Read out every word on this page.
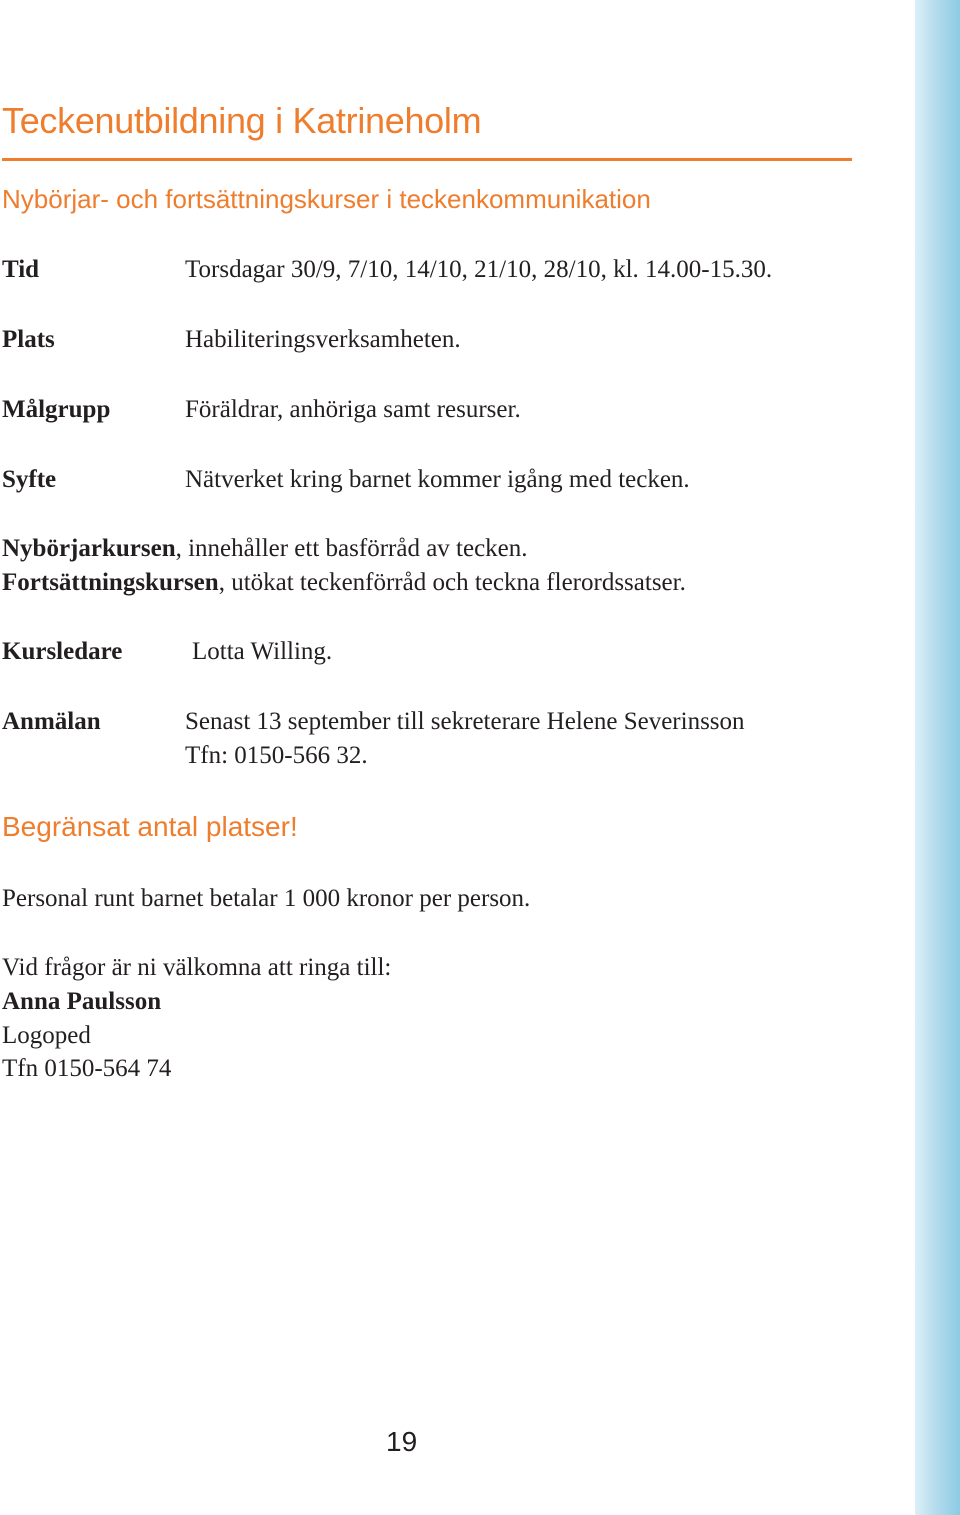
Teckenutbildning i Katrineholm
Nybörjar- och fortsättningskurser i teckenkommunikation
Tid	Torsdagar 30/9, 7/10, 14/10, 21/10, 28/10, kl. 14.00-15.30.
Plats	Habiliteringsverksamheten.
Målgrupp	Föräldrar, anhöriga samt resurser.
Syfte	Nätverket kring barnet kommer igång med tecken.
Nybörjarkursen, innehåller ett basförråd av tecken.
Fortsättningskursen, utökat teckenförråd och teckna flerordssatser.
Kursledare	Lotta Willing.
Anmälan	Senast 13 september till sekreterare Helene Severinsson
Tfn: 0150-566 32.
Begränsat antal platser!
Personal runt barnet betalar 1 000 kronor per person.
Vid frågor är ni välkomna att ringa till:
Anna Paulsson
Logoped
Tfn 0150-564 74
19
